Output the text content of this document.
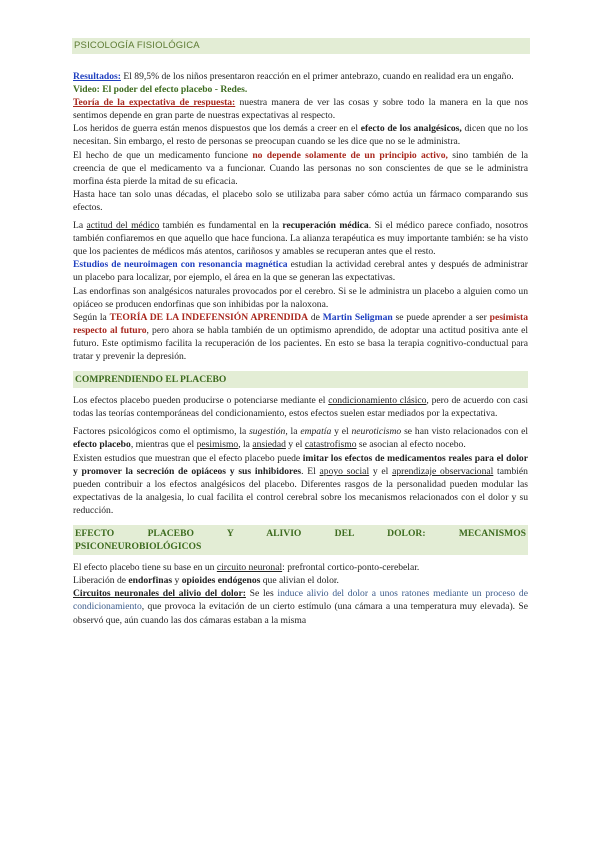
PSICOLOGÍA FISIOLÓGICA

Resultados: El 89,5% de los niños presentaron reacción en el primer antebrazo, cuando en realidad era un engaño.

Video: El poder del efecto placebo - Redes.

Teoría de la expectativa de respuesta: nuestra manera de ver las cosas y sobre todo la manera en la que nos sentimos depende en gran parte de nuestras expectativas al respecto.

Los heridos de guerra están menos dispuestos que los demás a creer en el efecto de los analgésicos, dicen que no los necesitan. Sin embargo, el resto de personas se preocupan cuando se les dice que no se le administra.

El hecho de que un medicamento funcione no depende solamente de un principio activo, sino también de la creencia de que el medicamento va a funcionar. Cuando las personas no son conscientes de que se le administra morfina ésta pierde la mitad de su eficacia.

Hasta hace tan solo unas décadas, el placebo solo se utilizaba para saber cómo actúa un fármaco comparando sus efectos.

La actitud del médico también es fundamental en la recuperación médica. Si el médico parece confiado, nosotros también confiaremos en que aquello que hace funciona. La alianza terapéutica es muy importante también: se ha visto que los pacientes de médicos más atentos, cariñosos y amables se recuperan antes que el resto.

Estudios de neuroimagen con resonancia magnética estudian la actividad cerebral antes y después de administrar un placebo para localizar, por ejemplo, el área en la que se generan las expectativas.

Las endorfinas son analgésicos naturales provocados por el cerebro. Si se le administra un placebo a alguien como un opiáceo se producen endorfinas que son inhibidas por la naloxona.

Según la TEORÍA DE LA INDEFENSIÓN APRENDIDA de Martin Seligman se puede aprender a ser pesimista respecto al futuro, pero ahora se habla también de un optimismo aprendido, de adoptar una actitud positiva ante el futuro. Este optimismo facilita la recuperación de los pacientes. En esto se basa la terapia cognitivo-conductual para tratar y prevenir la depresión.

COMPRENDIENDO EL PLACEBO

Los efectos placebo pueden producirse o potenciarse mediante el condicionamiento clásico, pero de acuerdo con casi todas las teorías contemporáneas del condicionamiento, estos efectos suelen estar mediados por la expectativa.

Factores psicológicos como el optimismo, la sugestión, la empatía y el neuroticismo se han visto relacionados con el efecto placebo, mientras que el pesimismo, la ansiedad y el catastrofismo se asocian al efecto nocebo.

Existen estudios que muestran que el efecto placebo puede imitar los efectos de medicamentos reales para el dolor y promover la secreción de opiáceos y sus inhibidores. El apoyo social y el aprendizaje observacional también pueden contribuir a los efectos analgésicos del placebo. Diferentes rasgos de la personalidad pueden modular las expectativas de la analgesia, lo cual facilita el control cerebral sobre los mecanismos relacionados con el dolor y su reducción.

EFECTO PLACEBO Y ALIVIO DEL DOLOR: MECANISMOS
PSICONEUROBIOLÓGICOS

El efecto placebo tiene su base en un circuito neuronal: prefrontal cortico-ponto-cerebelar.

Liberación de endorfinas y opioides endógenos que alivian el dolor.

Circuitos neuronales del alivio del dolor: Se les induce alivio del dolor a unos ratones mediante un proceso de condicionamiento, que provoca la evitación de un cierto estímulo (una cámara a una temperatura muy elevada). Se observó que, aún cuando las dos cámaras estaban a la misma
